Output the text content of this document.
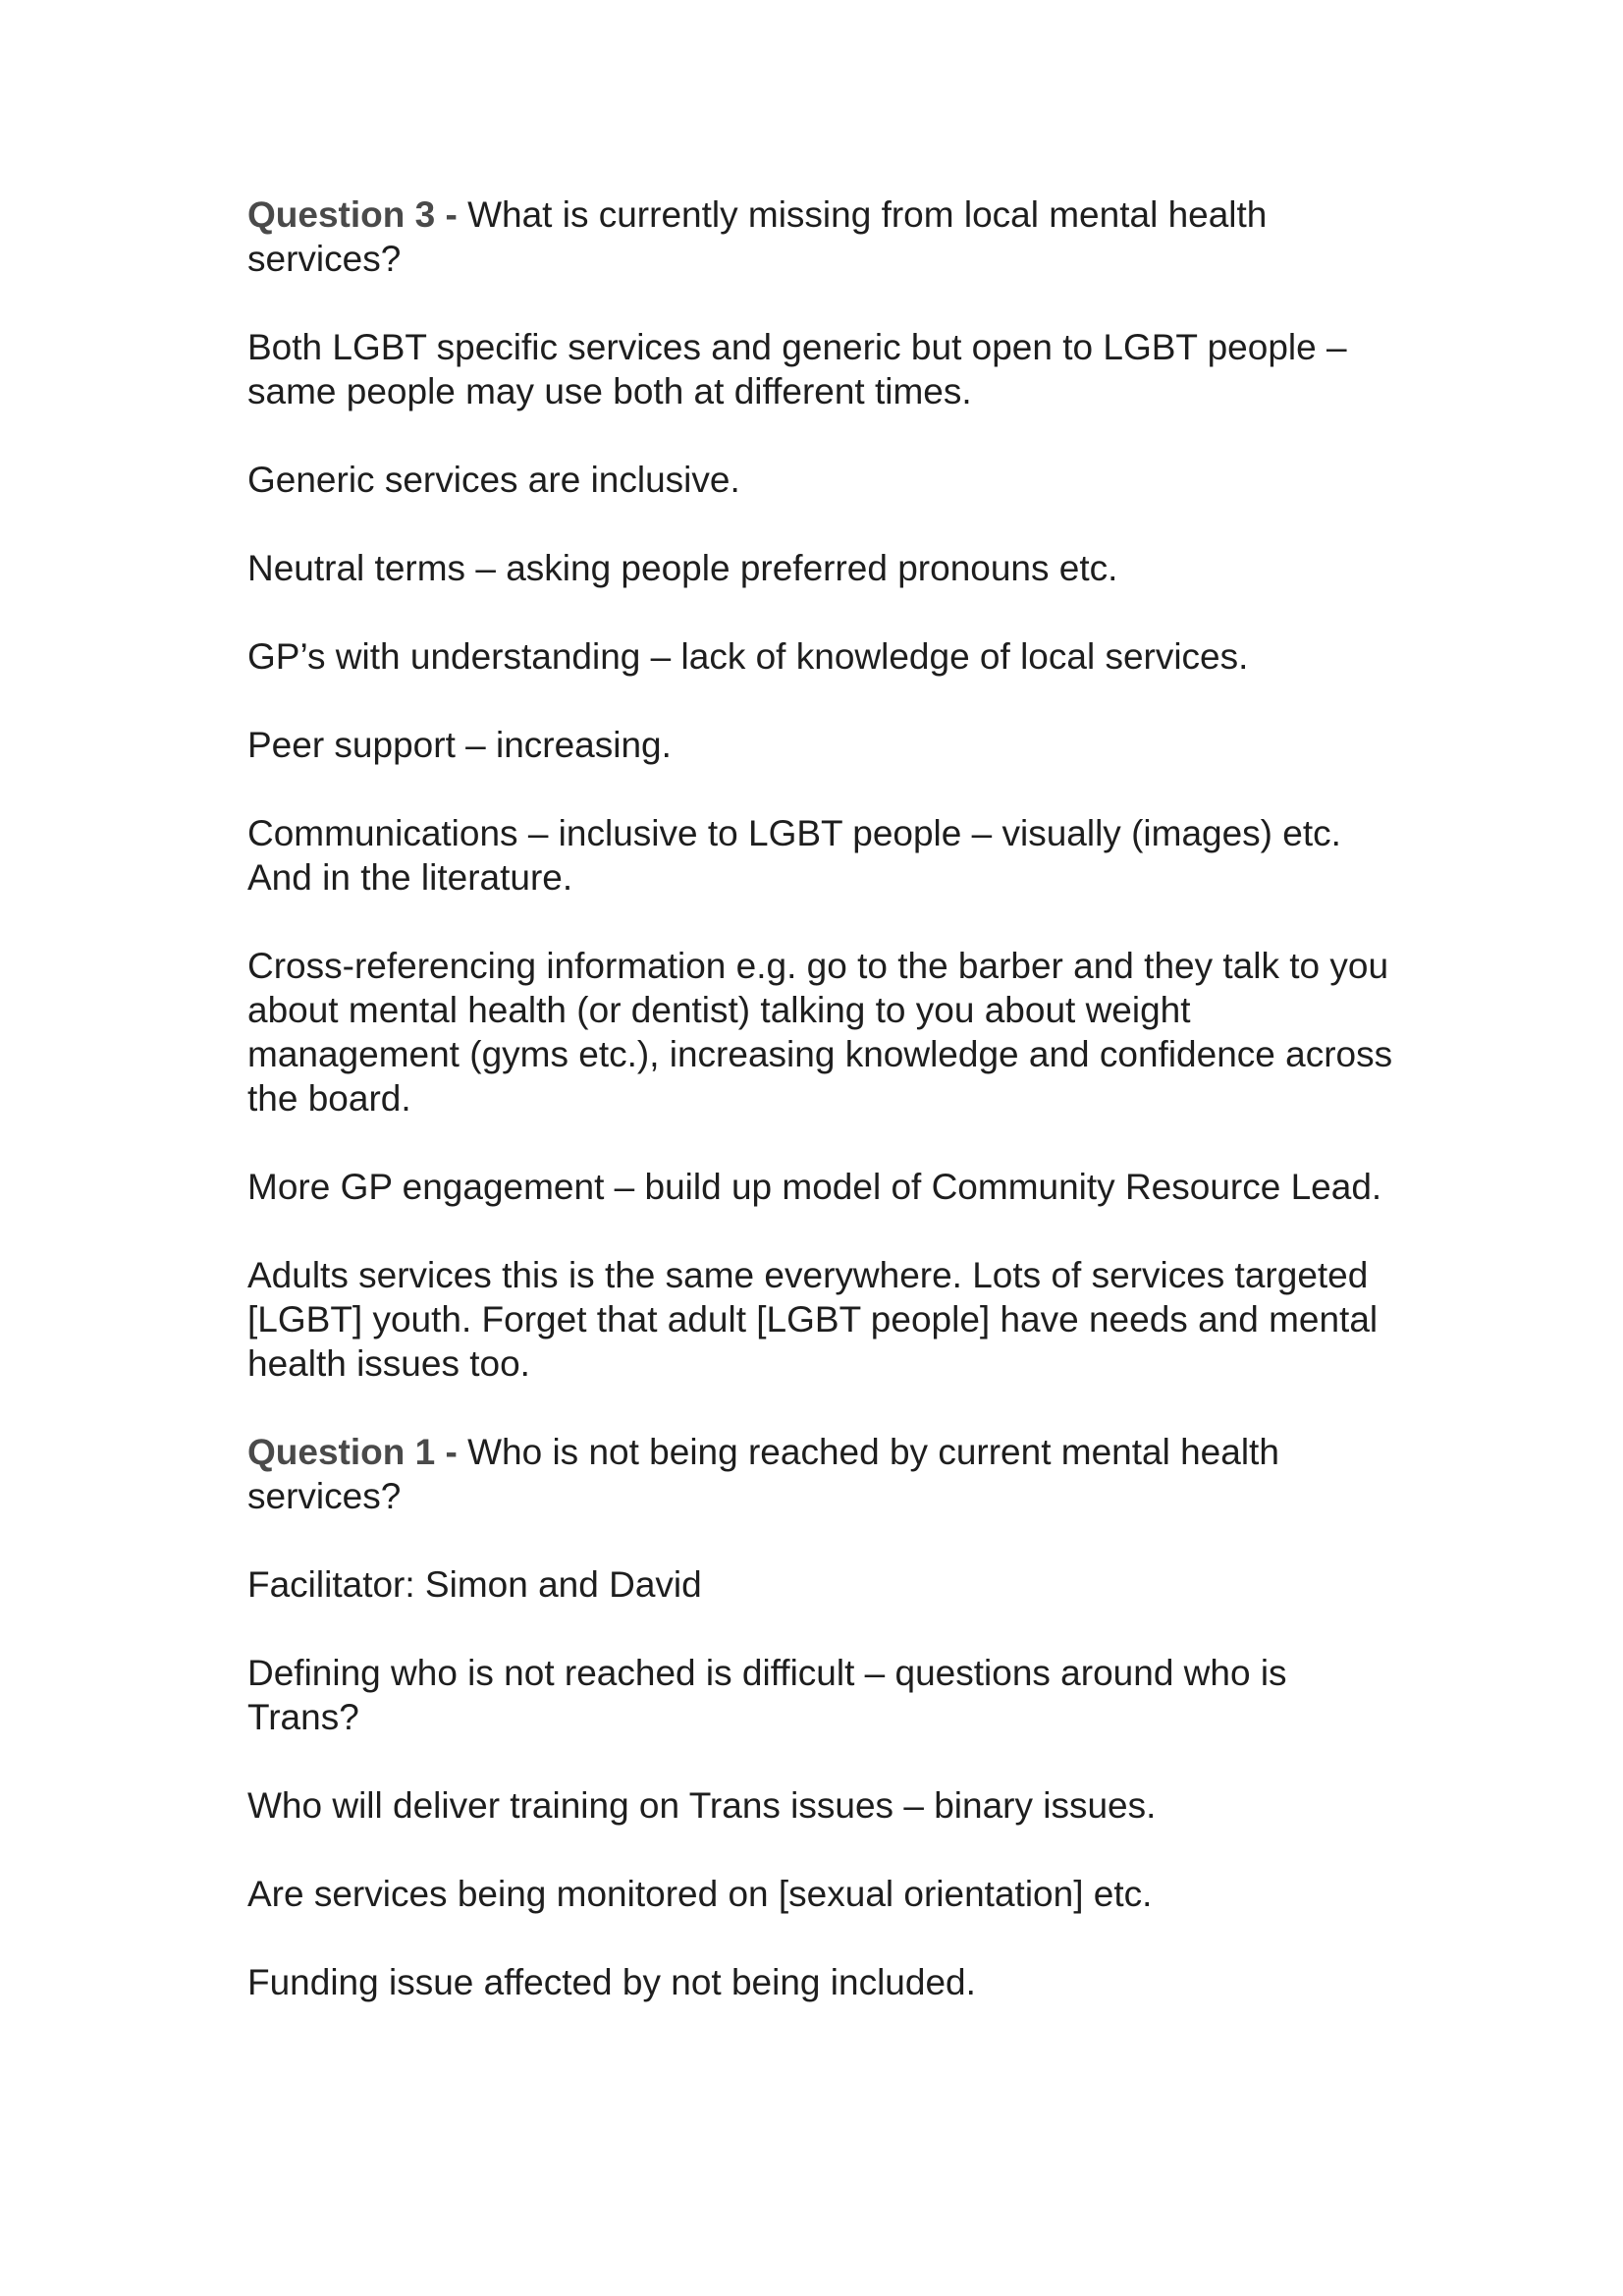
Question 3 - What is currently missing from local mental health services?

Both LGBT specific services and generic but open to LGBT people – same people may use both at different times.

Generic services are inclusive.

Neutral terms – asking people preferred pronouns etc.

GP’s with understanding – lack of knowledge of local services.

Peer support – increasing.

Communications – inclusive to LGBT people – visually (images) etc. And in the literature.

Cross-referencing information e.g. go to the barber and they talk to you about mental health (or dentist) talking to you about weight management (gyms etc.), increasing knowledge and confidence across the board.

More GP engagement – build up model of Community Resource Lead.

Adults services this is the same everywhere. Lots of services targeted [LGBT] youth. Forget that adult [LGBT people] have needs and mental health issues too.

Question 1 - Who is not being reached by current mental health services?

Facilitator: Simon and David

Defining who is not reached is difficult – questions around who is Trans?

Who will deliver training on Trans issues – binary issues.

Are services being monitored on [sexual orientation] etc.

Funding issue affected by not being included.
